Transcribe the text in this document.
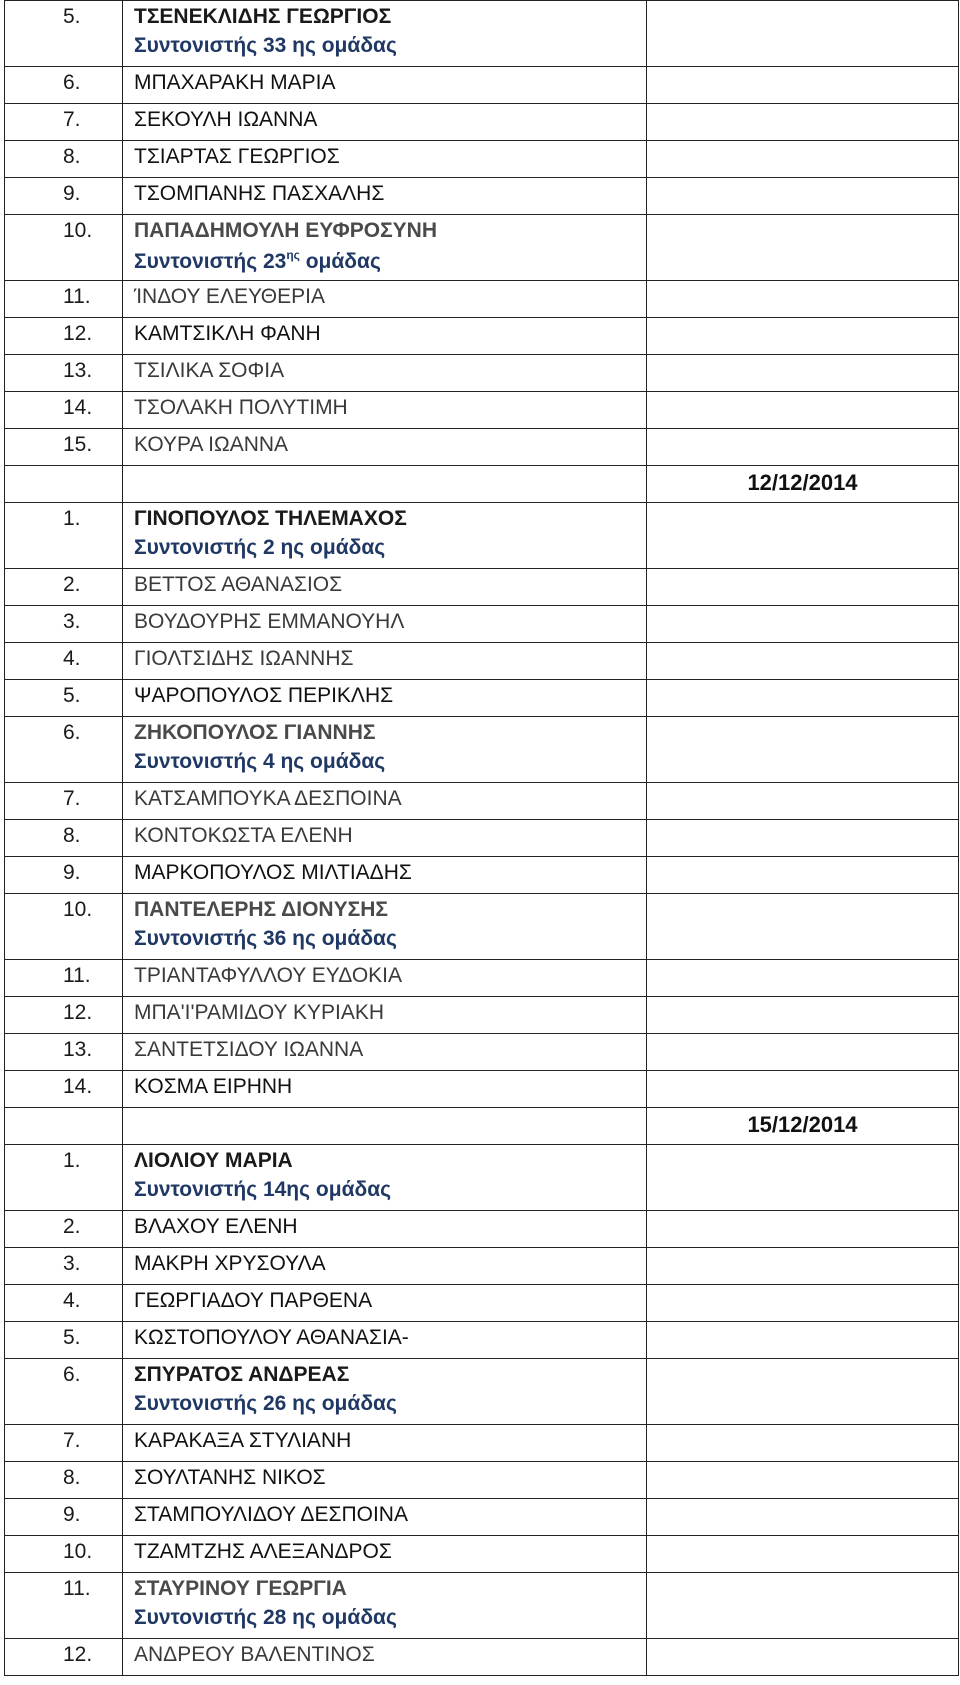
5.	ΤΣΕΝΕΚΛΙΔΗΣ ΓΕΩΡΓΙΟΣ
Συντονιστής 33 ης ομάδας	

6.	ΜΠΑΧΑΡΑΚΗ ΜΑΡΙΑ	

7.	ΣΕΚΟΥΛΗ ΙΩΑΝΝΑ	

8.	ΤΣΙΑΡΤΑΣ ΓΕΩΡΓΙΟΣ	

9.	ΤΣΟΜΠΑΝΗΣ ΠΑΣΧΑΛΗΣ	

10.	ΠΑΠΑΔΗΜΟΥΛΗ ΕΥΦΡΟΣΥΝΗ
Συντονιστής $23^{\eta\varsigma}$ ομάδας	

11.	ΊΝΔΟΥ ΕΛΕΥΘΕΡΙΑ	

12.	ΚΑΜΤΣΙΚΛΗ ΦΑΝΗ	

13.	ΤΣΙΛΙΚΑ ΣΟΦΙΑ	

14.	ΤΣΟΛΑΚΗ ΠΟΛΥΤΙΜΗ	

15.	ΚΟΥΡΑ ΙΩΑΝΝΑ	

		12/12/2014

1.	ΓΙΝΟΠΟΥΛΟΣ ΤΗΛΕΜΑΧΟΣ
Συντονιστής 2 ης ομάδας	

2.	ΒΕΤΤΟΣ ΑΘΑΝΑΣΙΟΣ	

3.	ΒΟΥΔΟΥΡΗΣ ΕΜΜΑΝΟΥΗΛ	

4.	ΓΙΟΛΤΣΙΔΗΣ ΙΩΑΝΝΗΣ	

5.	ΨΑΡΟΠΟΥΛΟΣ ΠΕΡΙΚΛΗΣ	

6.	ΖΗΚΟΠΟΥΛΟΣ ΓΙΑΝΝΗΣ
Συντονιστής 4 ης ομάδας	

7.	ΚΑΤΣΑΜΠΟΥΚΑ ΔΕΣΠΟΙΝΑ	

8.	ΚΟΝΤΟΚΩΣΤΑ ΕΛΕΝΗ	

9.	ΜΑΡΚΟΠΟΥΛΟΣ ΜΙΛΤΙΑΔΗΣ	

10.	ΠΑΝΤΕΛΕΡΗΣ ΔΙΟΝΥΣΗΣ
Συντονιστής 36 ης ομάδας	

11.	ΤΡΙΑΝΤΑΦΥΛΛΟΥ ΕΥΔΟΚΙΑ	

12.	ΜΠΑ'Ι'ΡΑΜΙΔΟΥ ΚΥΡΙΑΚΗ	

13.	ΣΑΝΤΕΤΣΙΔΟΥ ΙΩΑΝΝΑ	

14.	ΚΟΣΜΑ ΕΙΡΗΝΗ	

		15/12/2014

1.	ΛΙΟΛΙΟΥ ΜΑΡΙΑ
Συντονιστής 14ης ομάδας	

2.	ΒΛΑΧΟΥ ΕΛΕΝΗ	

3.	ΜΑΚΡΗ ΧΡΥΣΟΥΛΑ	

4.	ΓΕΩΡΓΙΑΔΟΥ ΠΑΡΘΕΝΑ	

5.	ΚΩΣΤΟΠΟΥΛΟΥ ΑΘΑΝΑΣΙΑ-	

6.	ΣΠΥΡΑΤΟΣ ΑΝΔΡΕΑΣ
Συντονιστής 26 ης ομάδας	

7.	ΚΑΡΑΚΑΞΑ ΣΤΥΛΙΑΝΗ	

8.	ΣΟΥΛΤΑΝΗΣ ΝΙΚΟΣ	

9.	ΣΤΑΜΠΟΥΛΙΔΟΥ ΔΕΣΠΟΙΝΑ	

10.	ΤΖΑΜΤΖΗΣ ΑΛΕΞΑΝΔΡΟΣ	

11.	ΣΤΑΥΡΙΝΟΥ ΓΕΩΡΓΙΑ
Συντονιστής 28 ης ομάδας	

12.	ΑΝΔΡΕΟΥ ΒΑΛΕΝΤΙΝΟΣ	
